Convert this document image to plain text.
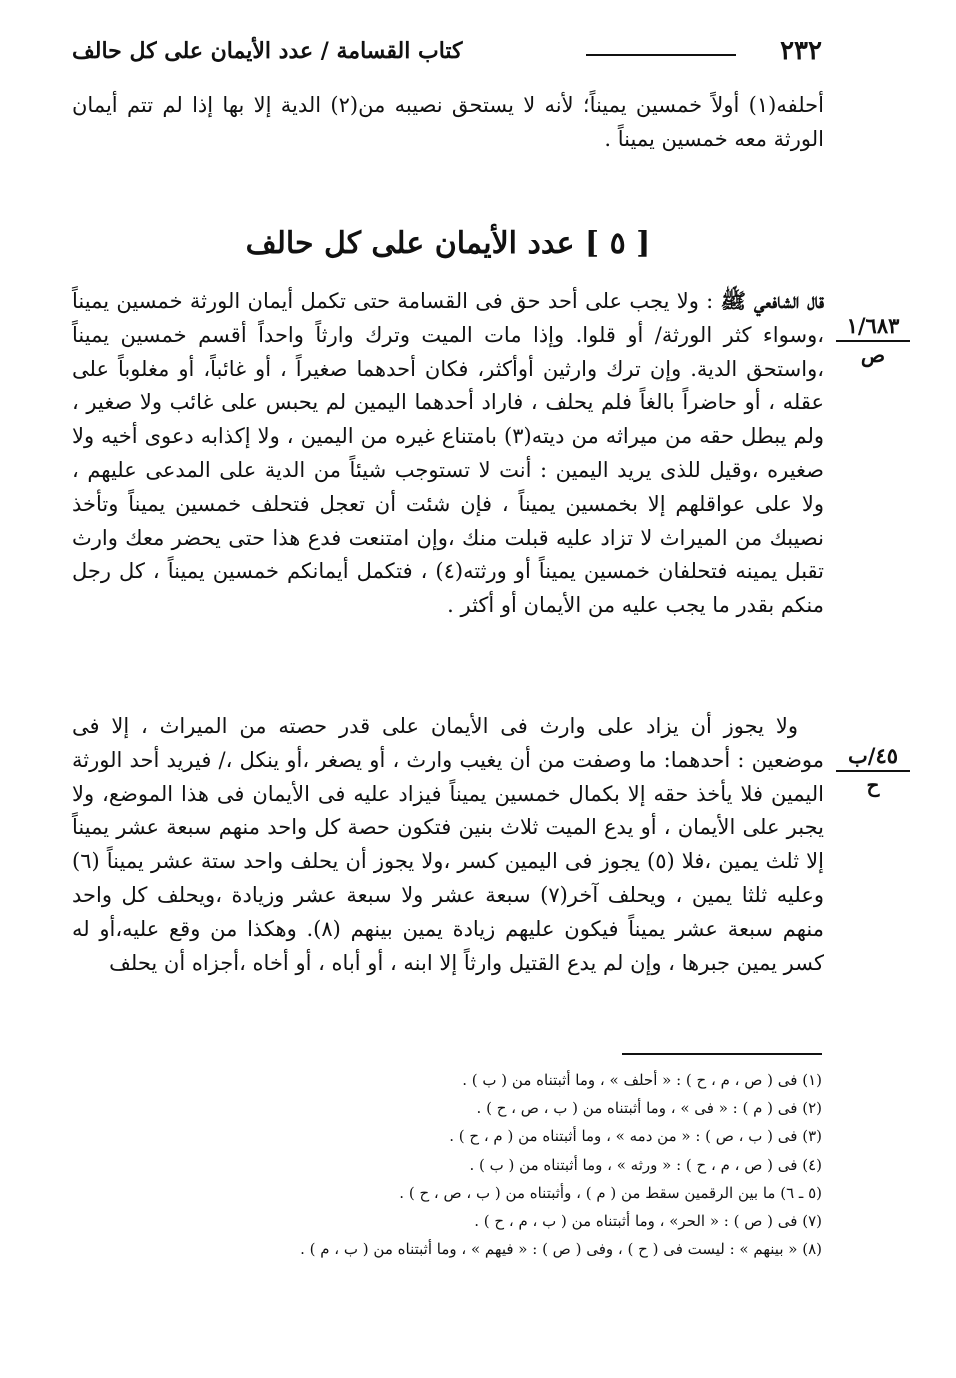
٢٣٢
كتاب القسامة / عدد الأيمان على كل حالف

أحلفه(١) أولاً خمسين يميناً؛ لأنه لا يستحق نصيبه من(٢) الدية إلا بها إذا لم تتم أيمان الورثة معه خمسين يميناً .

[ ٥ ] عدد الأيمان على كل حالف

قال الشافعي ﷺ : ولا يجب على أحد حق فى القسامة حتى تكمل أيمان الورثة خمسين يميناً ،وسواء كثر الورثة/ أو قلوا. وإذا مات الميت وترك وارثاً واحداً أقسم خمسين يميناً ،واستحق الدية. وإن ترك وارثين أوأكثر، فكان أحدهما صغيراً ، أو غائباً، أو مغلوباً على عقله ، أو حاضراً بالغاً فلم يحلف ، فاراد أحدهما اليمين لم يحبس على غائب ولا صغير ، ولم يبطل حقه من ميراثه من ديته(٣) بامتناع غيره من اليمين ، ولا إكذابه دعوى أخيه ولا صغيره ،وقيل للذى يريد اليمين : أنت لا تستوجب شيئاً من الدية على المدعى عليهم ، ولا على عواقلهم إلا بخمسين يميناً ، فإن شئت أن تعجل فتحلف خمسين يميناً وتأخذ نصيبك من الميراث لا تزاد عليه قبلت منك ،وإن امتنعت فدع هذا حتى يحضر معك وارث تقبل يمينه فتحلفان خمسين يميناً أو ورثته(٤) ، فتكمل أيمانكم خمسين يميناً ، كل رجل منكم بقدر ما يجب عليه من الأيمان أو أكثر .

ولا يجوز أن يزاد على وارث فى الأيمان على قدر حصته من الميراث ، إلا فى موضعين : أحدهما: ما وصفت من أن يغيب وارث ، أو يصغر ،أو ينكل ،/ فيريد أحد الورثة اليمين فلا يأخذ حقه إلا بكمال خمسين يميناً فيزاد عليه فى الأيمان فى هذا الموضع، ولا يجبر على الأيمان ، أو يدع الميت ثلاث بنين فتكون حصة كل واحد منهم سبعة عشر يميناً إلا ثلث يمين ،فلا (٥) يجوز فى اليمين كسر ،ولا يجوز أن يحلف واحد ستة عشر يميناً (٦) وعليه ثلثا يمين ، ويحلف آخر(٧) سبعة عشر ولا سبعة عشر وزيادة ،ويحلف كل واحد منهم سبعة عشر يميناً فيكون عليهم زيادة يمين بينهم (٨). وهكذا من وقع عليه،أو له كسر يمين جبرها ، وإن لم يدع القتيل وارثاً إلا ابنه ، أو أباه ، أو أخاه ،أجزاه أن يحلف

١/٦٨٣
ص
٤٥/ب
ح
(١) فى ( ص ، م ، ح ) : « أحلف » ، وما أثبتناه من ( ب ) .
(٢) فى ( م ) : « فى » ، وما أثبتناه من ( ب ، ص ، ح ) .
(٣) فى ( ب ، ص ) : « من دمه » ، وما أثبتناه من ( م ، ح ) .
(٤) فى ( ص ، م ، ح ) : « ورثه » ، وما أثبتناه من ( ب ) .
(٥ ـ ٦) ما بين الرقمين سقط من ( م ) ، وأثبتناه من ( ب ، ص ، ح ) .
(٧) فى ( ص ) : « الحر» ، وما أثبتناه من ( ب ، م ، ح ) .
(٨) « بينهم » : ليست فى ( ح ) ، وفى ( ص ) : « فيهم » ، وما أثبتناه من ( ب ، م ) .
